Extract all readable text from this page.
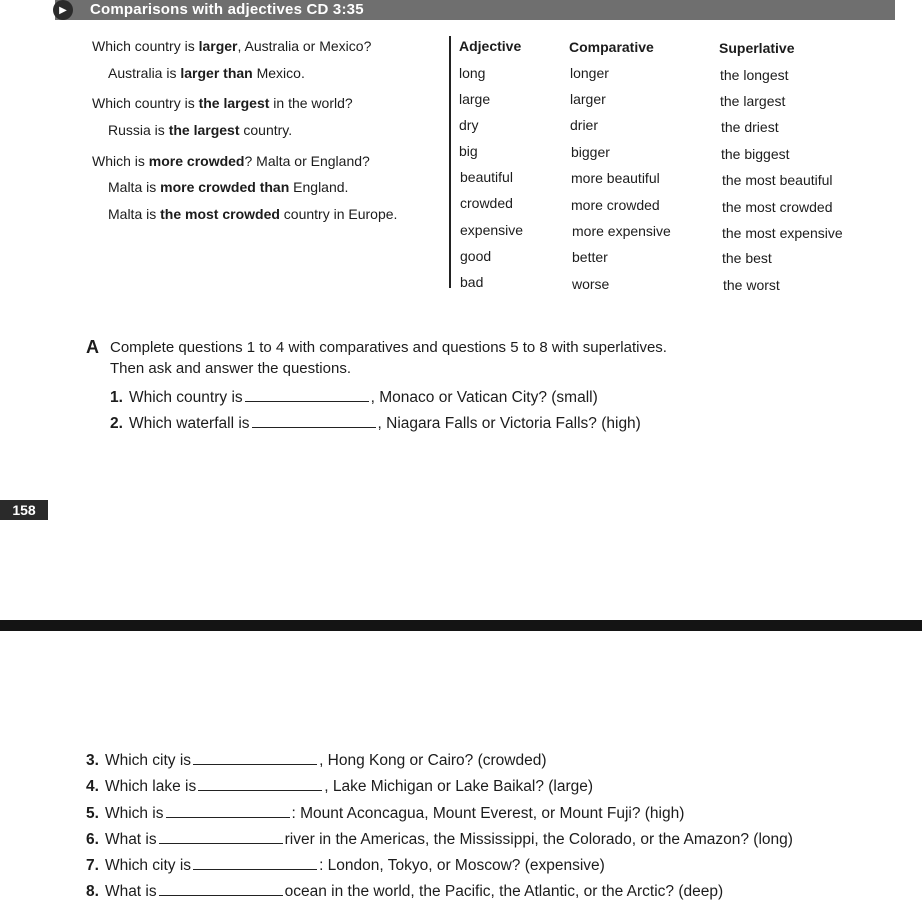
▶	Comparisons with adjectives CD 3:35
Which country is larger, Australia or Mexico?
Australia is larger than Mexico.
Which country is the largest in the world?
Russia is the largest country.
Which is more crowded? Malta or England?
Malta is more crowded than England.
Malta is the most crowded country in Europe.
Adjective	Comparative	Superlative
long	longer	the longest
large	larger	the largest
dry	drier	the driest
big	bigger	the biggest
beautiful	more beautiful	the most beautiful
crowded	more crowded	the most crowded
expensive	more expensive	the most expensive
good	better	the best
bad	worse	the worst
A Complete questions 1 to 4 with comparatives and questions 5 to 8 with superlatives.
Then ask and answer the questions.
1. Which country is	, Monaco or Vatican City? (small)
2. Which waterfall is	, Niagara Falls or Victoria Falls? (high)
158
3. Which city is	, Hong Kong or Cairo? (crowded)
4. Which lake is	, Lake Michigan or Lake Baikal? (large)
5. Which is	: Mount Aconcagua, Mount Everest, or Mount Fuji? (high)
6. What is	river in the Americas, the Mississippi, the Colorado, or the Amazon? (long)
7. Which city is	: London, Tokyo, or Moscow? (expensive)
8. What is	ocean in the world, the Pacific, the Atlantic, or the Arctic? (deep)
